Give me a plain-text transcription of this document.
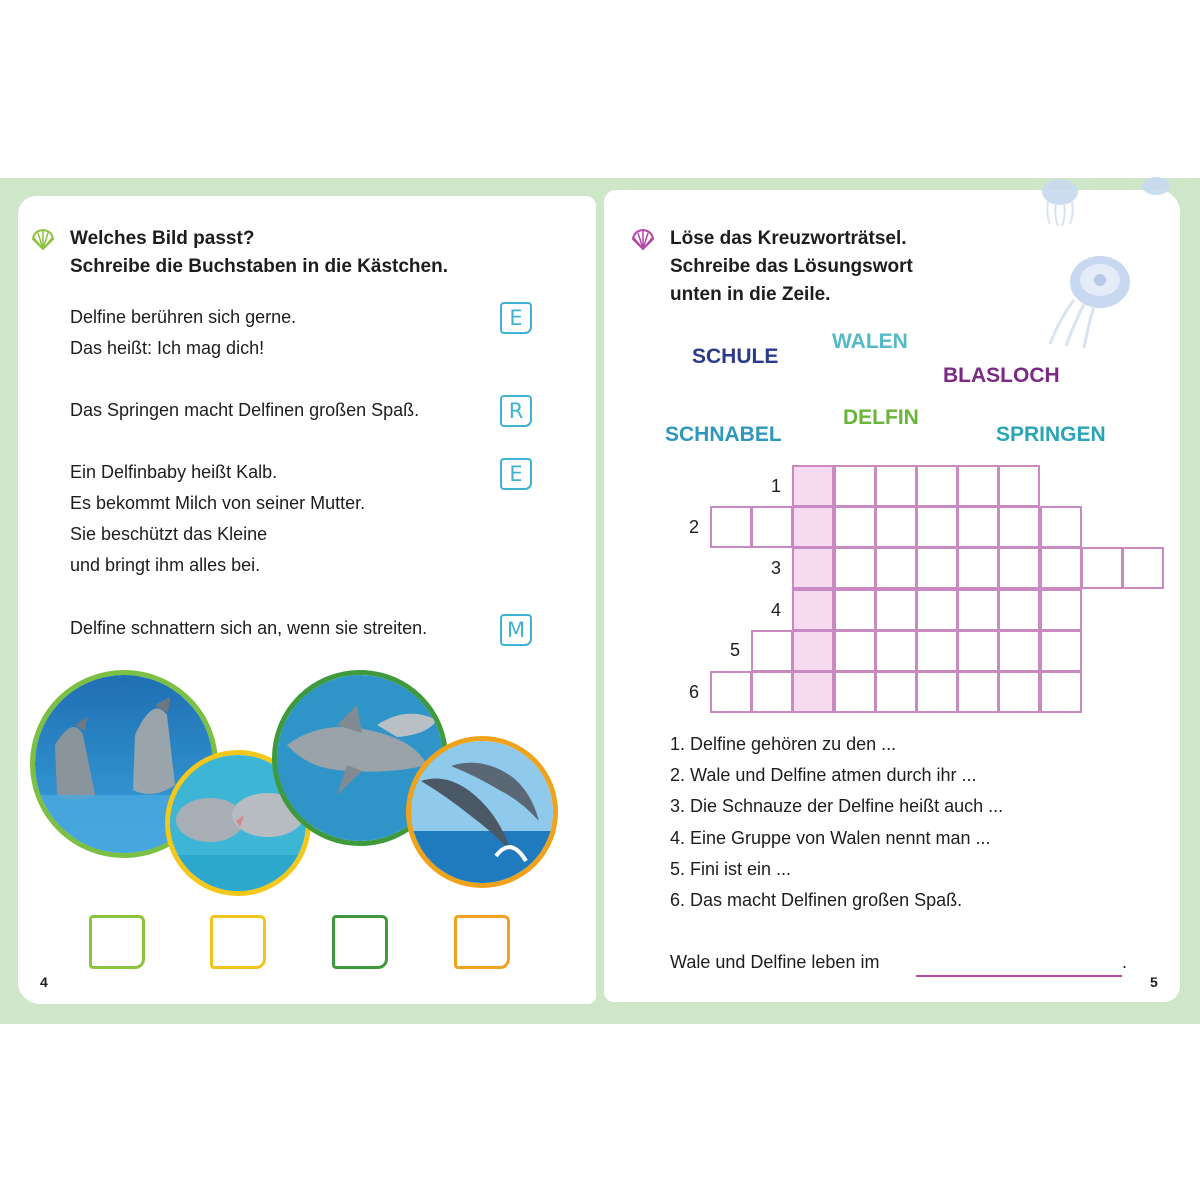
Welches Bild passt?
Schreibe die Buchstaben in die Kästchen.
Delfine berühren sich gerne.
Das heißt: Ich mag dich!
E
Das Springen macht Delfinen großen Spaß.	R
Ein Delfinbaby heißt Kalb.
Es bekommt Milch von seiner Mutter.
Sie beschützt das Kleine
und bringt ihm alles bei.
E
Delfine schnattern sich an, wenn sie streiten.	M
4
Löse das Kreuzworträtsel.
Schreibe das Lösungswort
unten in die Zeile.
SCHULE
WALEN
BLASLOCH
DELFIN
SCHNABEL	SPRINGEN
1
2
3
4
5
6
1. Delfine gehören zu den ...
2. Wale und Delfine atmen durch ihr ...
3. Die Schnauze der Delfine heißt auch ...
4. Eine Gruppe von Walen nennt man ...
5. Fini ist ein ...
6. Das macht Delfinen großen Spaß.
Wale und Delfine leben im	.
5
